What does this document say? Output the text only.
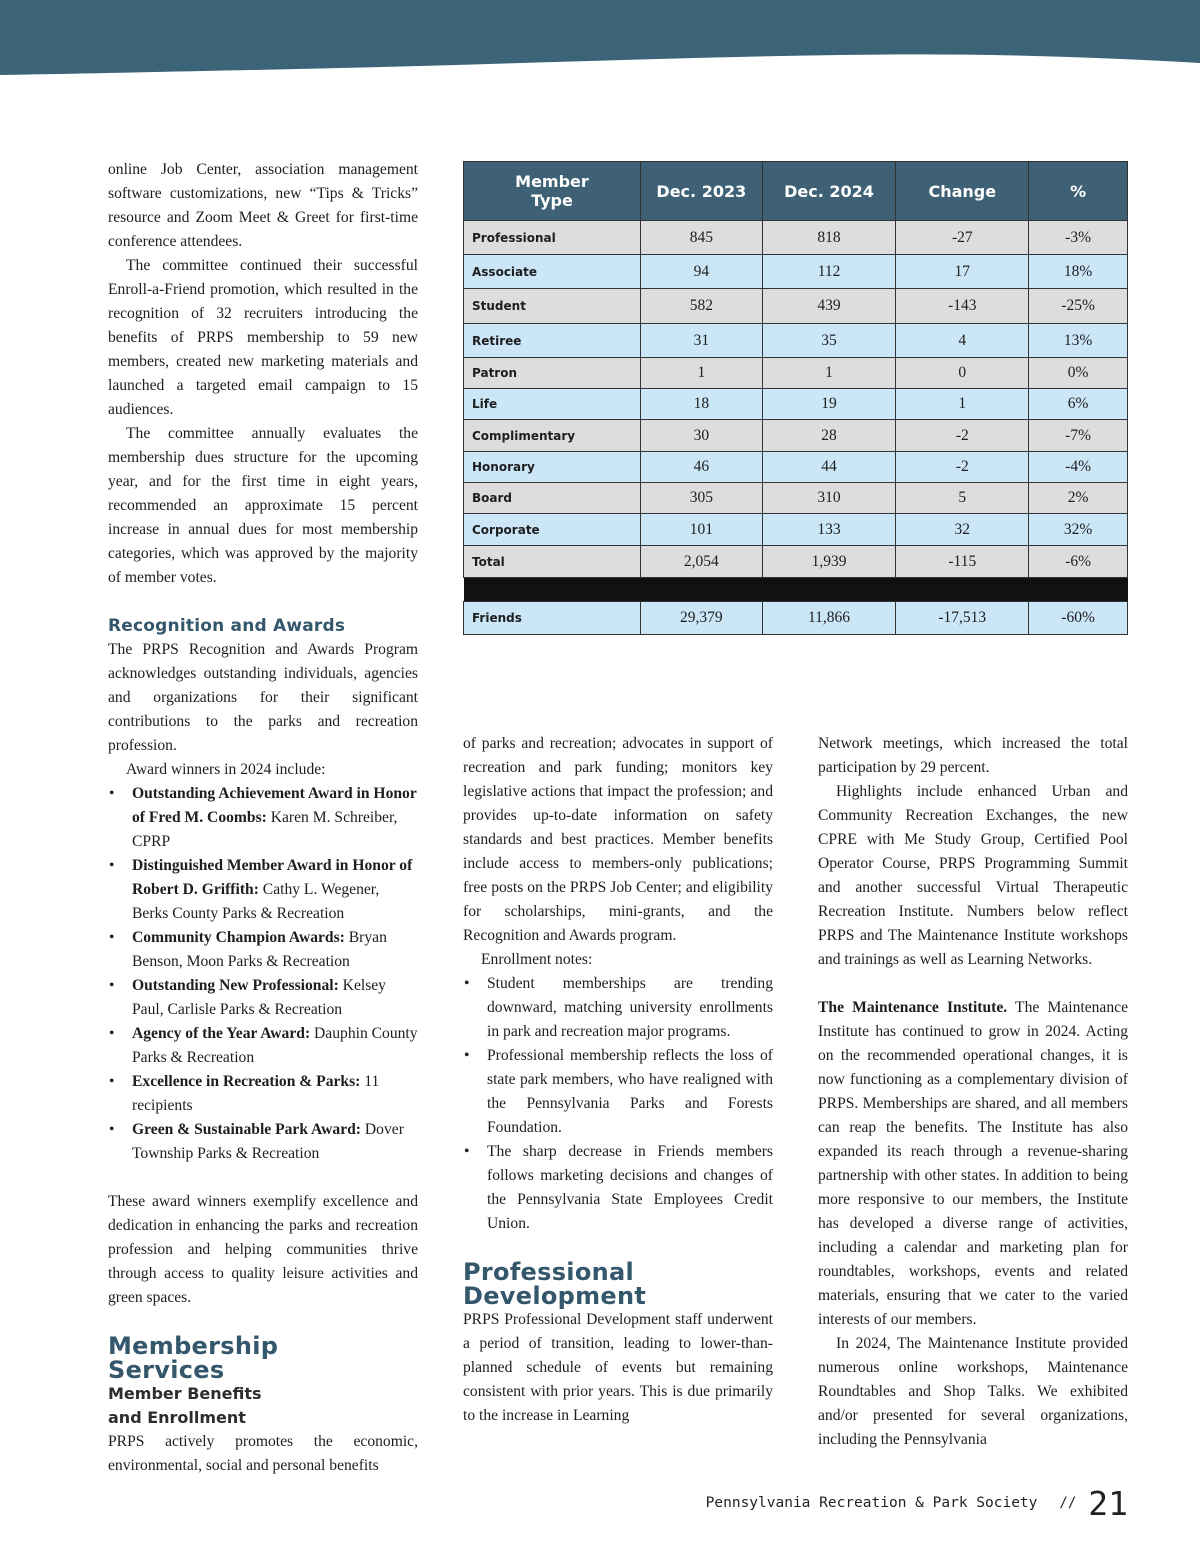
online Job Center, association management software customizations, new “Tips & Tricks” resource and Zoom Meet & Greet for first-time conference attendees.

The committee continued their successful Enroll-a-Friend promotion, which resulted in the recognition of 32 recruiters introducing the benefits of PRPS membership to 59 new members, created new marketing materials and launched a targeted email campaign to 15 audiences.

The committee annually evaluates the membership dues structure for the upcoming year, and for the first time in eight years, recommended an approximate 15 percent increase in annual dues for most membership categories, which was approved by the majority of member votes.

Recognition and Awards

The PRPS Recognition and Awards Program acknowledges outstanding individuals, agencies and organizations for their significant contributions to the parks and recreation profession.

Award winners in 2024 include:

• Outstanding Achievement Award in Honor of Fred M. Coombs: Karen M. Schreiber, CPRP
• Distinguished Member Award in Honor of Robert D. Griffith: Cathy L. Wegener, Berks County Parks & Recreation
• Community Champion Awards: Bryan Benson, Moon Parks & Recreation
• Outstanding New Professional: Kelsey Paul, Carlisle Parks & Recreation
• Agency of the Year Award: Dauphin County Parks & Recreation
• Excellence in Recreation & Parks: 11 recipients
• Green & Sustainable Park Award: Dover Township Parks & Recreation

These award winners exemplify excellence and dedication in enhancing the parks and recreation profession and helping communities thrive through access to quality leisure activities and green spaces.

Membership
Services
Member Benefits
and Enrollment

PRPS actively promotes the economic, environmental, social and personal benefits

Member Type	Dec. 2023	Dec. 2024	Change	%
Professional	845	818	-27	-3%
Associate	94	112	17	18%
Student	582	439	-143	-25%
Retiree	31	35	4	13%
Patron	1	1	0	0%
Life	18	19	1	6%
Complimentary	30	28	-2	-7%
Honorary	46	44	-2	-4%
Board	305	310	5	2%
Corporate	101	133	32	32%
Total	2,054	1,939	-115	-6%

Friends	29,379	11,866	-17,513	-60%

of parks and recreation; advocates in support of recreation and park funding; monitors key legislative actions that impact the profession; and provides up-to-date information on safety standards and best practices. Member benefits include access to members-only publications; free posts on the PRPS Job Center; and eligibility for scholarships, mini-grants, and the Recognition and Awards program.

Enrollment notes:

• Student memberships are trending downward, matching university enrollments in park and recreation major programs.
• Professional membership reflects the loss of state park members, who have realigned with the Pennsylvania Parks and Forests Foundation.
• The sharp decrease in Friends members follows marketing decisions and changes of the Pennsylvania State Employees Credit Union.
Professional
Development

PRPS Professional Development staff underwent a period of transition, leading to lower-than-planned schedule of events but remaining consistent with prior years. This is due primarily to the increase in Learning

Network meetings, which increased the total participation by 29 percent.

Highlights include enhanced Urban and Community Recreation Exchanges, the new CPRE with Me Study Group, Certified Pool Operator Course, PRPS Programming Summit and another successful Virtual Therapeutic Recreation Institute. Numbers below reflect PRPS and The Maintenance Institute workshops and trainings as well as Learning Networks.

The Maintenance Institute. The Maintenance Institute has continued to grow in 2024. Acting on the recommended operational changes, it is now functioning as a complementary division of PRPS. Memberships are shared, and all members can reap the benefits. The Institute has also expanded its reach through a revenue-sharing partnership with other states. In addition to being more responsive to our members, the Institute has developed a diverse range of activities, including a calendar and marketing plan for roundtables, workshops, events and related materials, ensuring that we cater to the varied interests of our members.

In 2024, The Maintenance Institute provided numerous online workshops, Maintenance Roundtables and Shop Talks. We exhibited and/or presented for several organizations, including the Pennsylvania

Pennsylvania Recreation & Park Society // 21
